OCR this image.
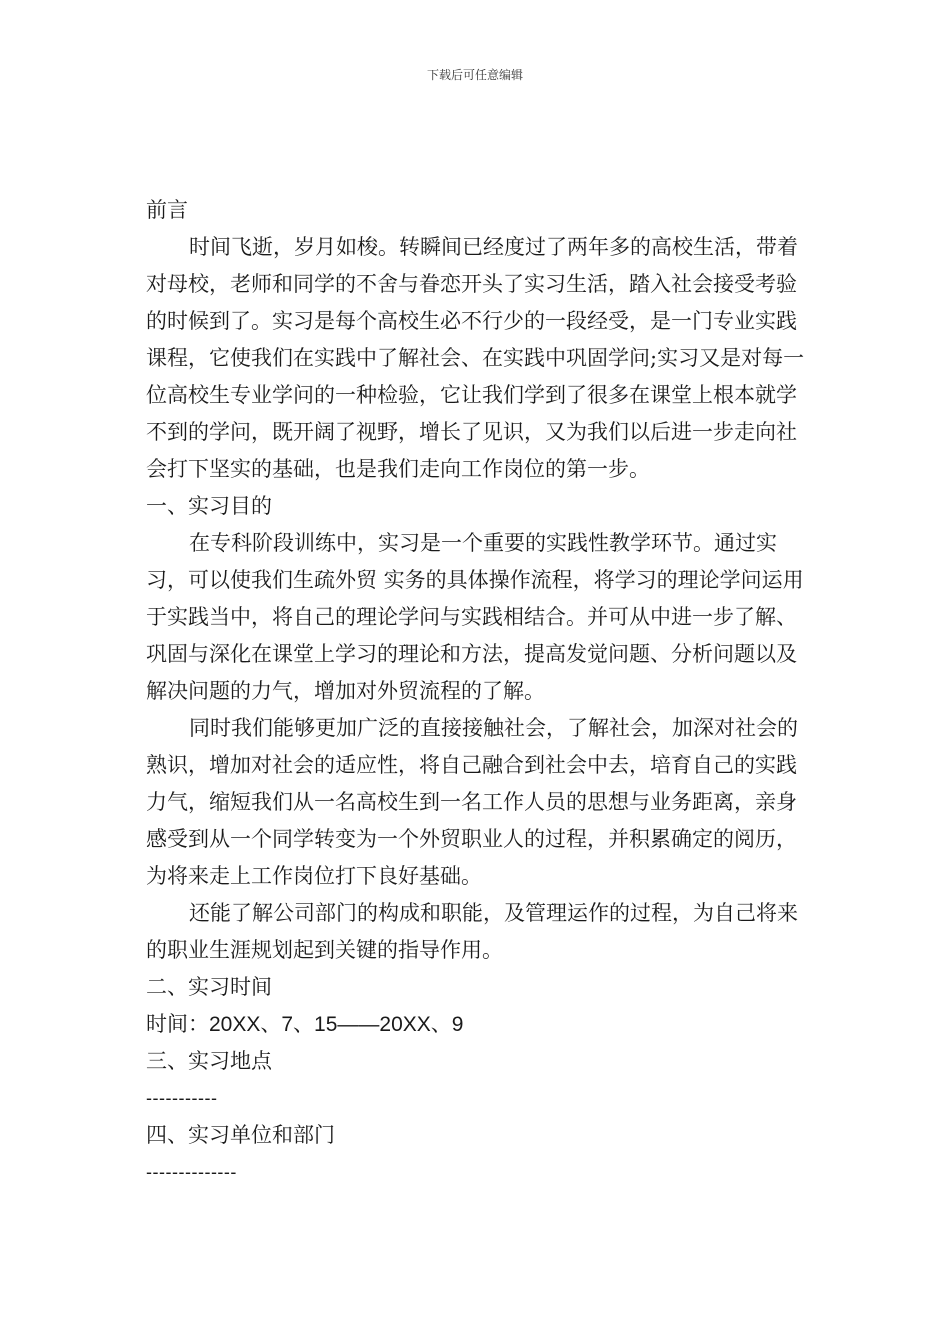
下载后可任意编辑

前言

时间飞逝，岁月如梭。转瞬间已经度过了两年多的高校生活，带着对母校，老师和同学的不舍与眷恋开头了实习生活，踏入社会接受考验的时候到了。实习是每个高校生必不行少的一段经受，是一门专业实践课程，它使我们在实践中了解社会、在实践中巩固学问;实习又是对每一位高校生专业学问的一种检验，它让我们学到了很多在课堂上根本就学不到的学问，既开阔了视野，增长了见识，又为我们以后进一步走向社会打下坚实的基础，也是我们走向工作岗位的第一步。

一、实习目的

在专科阶段训练中，实习是一个重要的实践性教学环节。通过实习，可以使我们生疏外贸 实务的具体操作流程，将学习的理论学问运用于实践当中，将自己的理论学问与实践相结合。并可从中进一步了解、巩固与深化在课堂上学习的理论和方法，提高发觉问题、分析问题以及解决问题的力气，增加对外贸流程的了解。

同时我们能够更加广泛的直接接触社会，了解社会，加深对社会的熟识，增加对社会的适应性，将自己融合到社会中去，培育自己的实践力气，缩短我们从一名高校生到一名工作人员的思想与业务距离，亲身感受到从一个同学转变为一个外贸职业人的过程，并积累确定的阅历，为将来走上工作岗位打下良好基础。

还能了解公司部门的构成和职能，及管理运作的过程，为自己将来的职业生涯规划起到关键的指导作用。

二、实习时间

时间：20XX、7、15——20XX、9

三、实习地点

-----------

四、实习单位和部门

--------------
